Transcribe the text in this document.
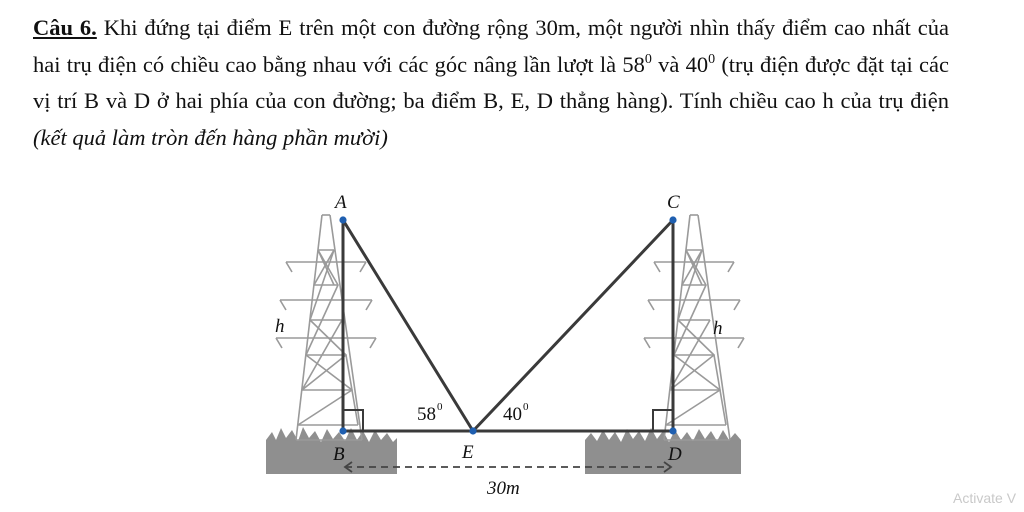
Câu 6. Khi đứng tại điểm E trên một con đường rộng 30m, một người nhìn thấy điểm cao nhất của hai trụ điện có chiều cao bằng nhau với các góc nâng lần lượt là $58^0$ và $40^0$ (trụ điện được đặt tại các vị trí B và D ở hai phía của con đường; ba điểm B, E, D thẳng hàng). Tính chiều cao h của trụ điện (kết quả làm tròn đến hàng phần mười)
A	C
B	E	D
h	h
58 0	40 0
30m	Activate V
